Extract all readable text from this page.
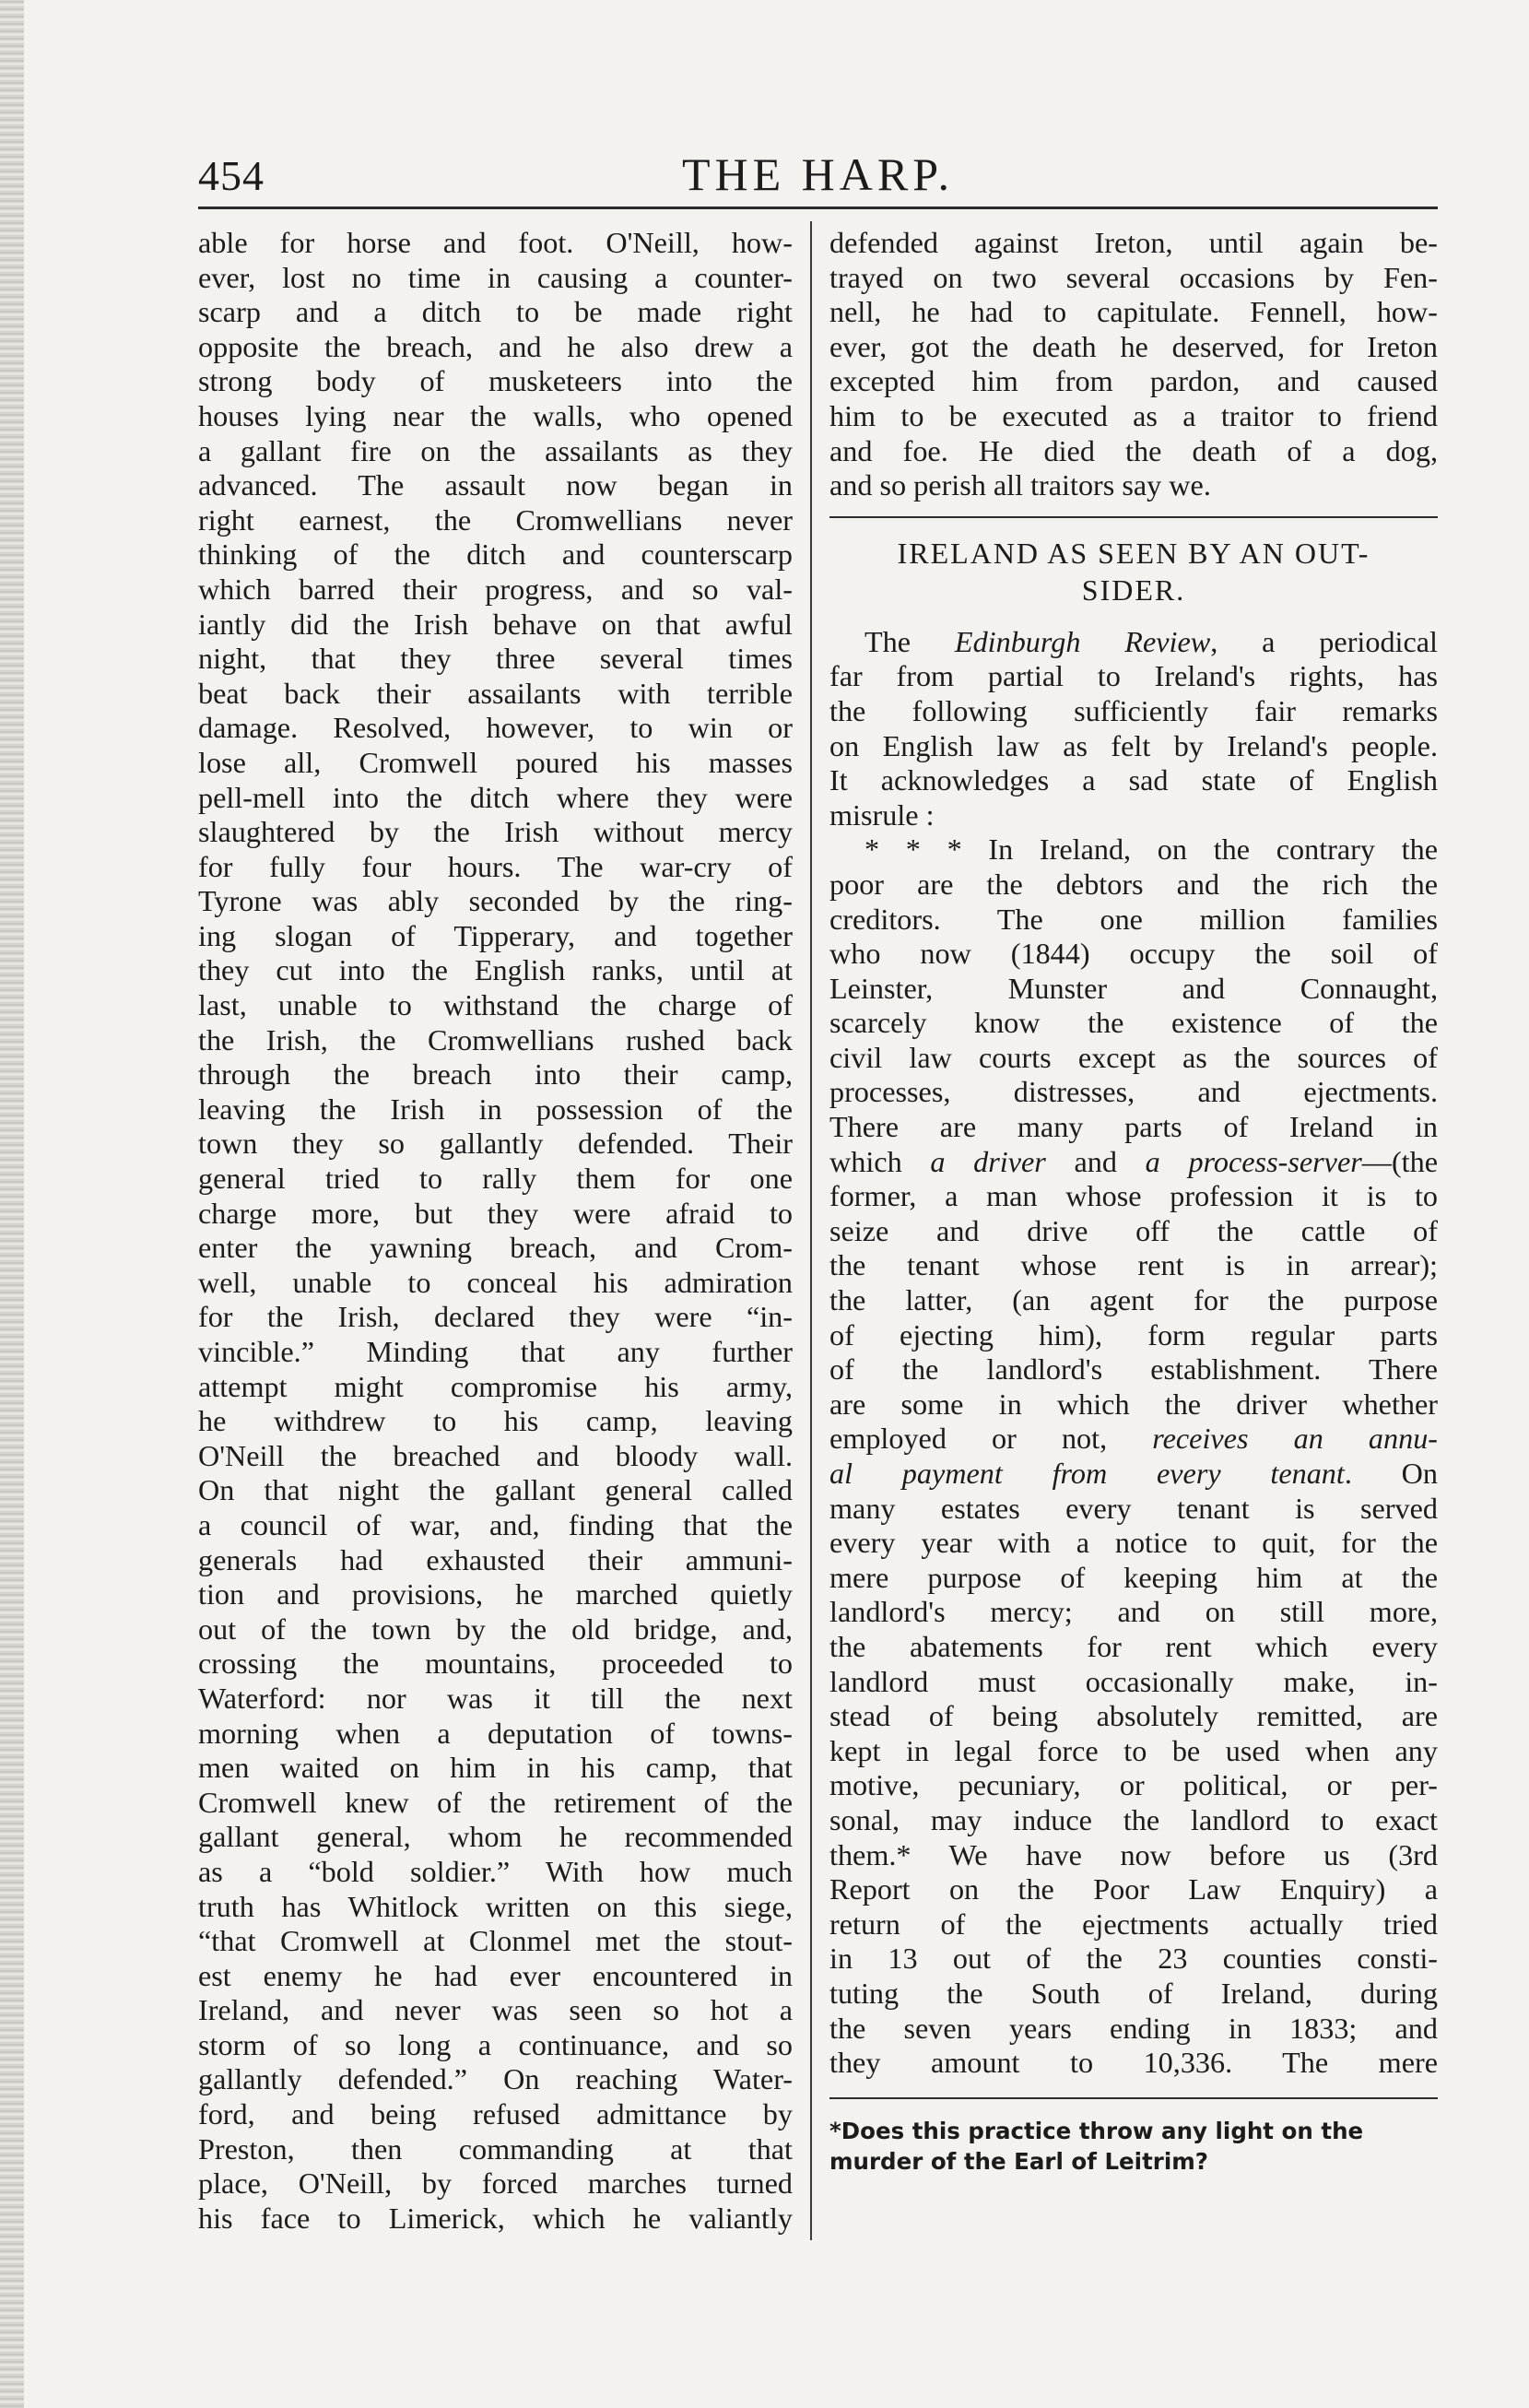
454	THE HARP.
able for horse and foot. O'Neill, how-
ever, lost no time in causing a counter-
scarp and a ditch to be made right
opposite the breach, and he also drew a
strong body of musketeers into the
houses lying near the walls, who opened
a gallant fire on the assailants as they
advanced. The assault now began in
right earnest, the Cromwellians never
thinking of the ditch and counterscarp
which barred their progress, and so val-
iantly did the Irish behave on that awful
night, that they three several times
beat back their assailants with terrible
damage. Resolved, however, to win or
lose all, Cromwell poured his masses
pell-mell into the ditch where they were
slaughtered by the Irish without mercy
for fully four hours. The war-cry of
Tyrone was ably seconded by the ring-
ing slogan of Tipperary, and together
they cut into the English ranks, until at
last, unable to withstand the charge of
the Irish, the Cromwellians rushed back
through the breach into their camp,
leaving the Irish in possession of the
town they so gallantly defended. Their
general tried to rally them for one
charge more, but they were afraid to
enter the yawning breach, and Crom-
well, unable to conceal his admiration
for the Irish, declared they were “in-
vincible.” Minding that any further
attempt might compromise his army,
he withdrew to his camp, leaving
O'Neill the breached and bloody wall.
On that night the gallant general called
a council of war, and, finding that the
generals had exhausted their ammuni-
tion and provisions, he marched quietly
out of the town by the old bridge, and,
crossing the mountains, proceeded to
Waterford: nor was it till the next
morning when a deputation of towns-
men waited on him in his camp, that
Cromwell knew of the retirement of the
gallant general, whom he recommended
as a “bold soldier.” With how much
truth has Whitlock written on this siege,
“that Cromwell at Clonmel met the stout-
est enemy he had ever encountered in
Ireland, and never was seen so hot a
storm of so long a continuance, and so
gallantly defended.” On reaching Water-
ford, and being refused admittance by
Preston, then commanding at that
place, O'Neill, by forced marches turned
his face to Limerick, which he valiantly
defended against Ireton, until again be-
trayed on two several occasions by Fen-
nell, he had to capitulate. Fennell, how-
ever, got the death he deserved, for Ireton
excepted him from pardon, and caused
him to be executed as a traitor to friend
and foe. He died the death of a dog,
and so perish all traitors say we.
IRELAND AS SEEN BY AN OUT-
SIDER.
The Edinburgh Review, a periodical
far from partial to Ireland's rights, has
the following sufficiently fair remarks
on English law as felt by Ireland's people.
It acknowledges a sad state of English
misrule :
* * * In Ireland, on the contrary the
poor are the debtors and the rich the
creditors. The one million families
who now (1844) occupy the soil of
Leinster, Munster and Connaught,
scarcely know the existence of the
civil law courts except as the sources of
processes, distresses, and ejectments.
There are many parts of Ireland in
which a driver and a process-server—(the
former, a man whose profession it is to
seize and drive off the cattle of
the tenant whose rent is in arrear);
the latter, (an agent for the purpose
of ejecting him), form regular parts
of the landlord's establishment. There
are some in which the driver whether
employed or not, receives an annu-
al payment from every tenant. On
many estates every tenant is served
every year with a notice to quit, for the
mere purpose of keeping him at the
landlord's mercy; and on still more,
the abatements for rent which every
landlord must occasionally make, in-
stead of being absolutely remitted, are
kept in legal force to be used when any
motive, pecuniary, or political, or per-
sonal, may induce the landlord to exact
them.* We have now before us (3rd
Report on the Poor Law Enquiry) a
return of the ejectments actually tried
in 13 out of the 23 counties consti-
tuting the South of Ireland, during
the seven years ending in 1833; and
they amount to 10,336. The mere
*Does this practice throw any light on the
murder of the Earl of Leitrim?
